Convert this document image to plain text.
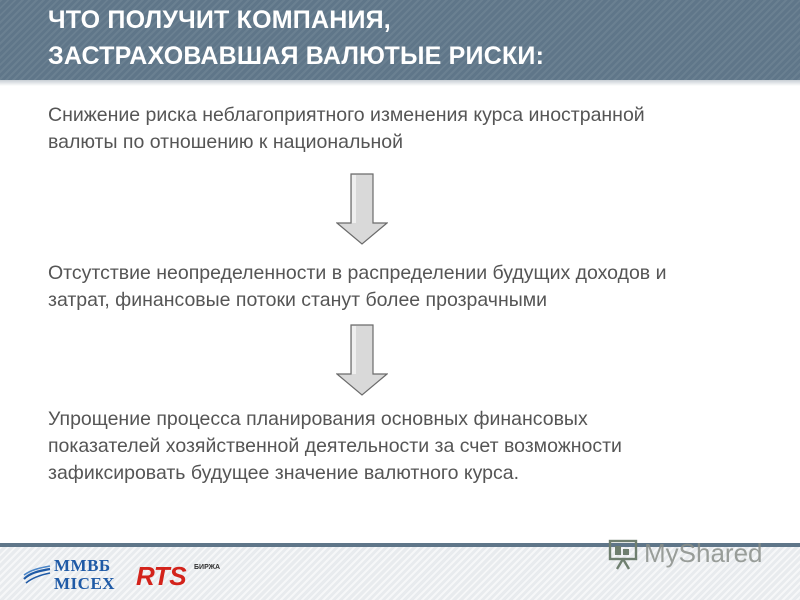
ЧТО ПОЛУЧИТ КОМПАНИЯ,
ЗАСТРАХОВАВШАЯ ВАЛЮТЫЕ РИСКИ:
Снижение риска неблагоприятного изменения курса иностранной
валюты по отношению к национальной
Отсутствие неопределенности в распределении будущих доходов и
затрат, финансовые потоки станут более прозрачными
Упрощение процесса планирования основных финансовых
показателей хозяйственной деятельности за счет возможности
зафиксировать будущее значение валютного курса.
ММВБ
MICEX RTS БИРЖА	MyShared
